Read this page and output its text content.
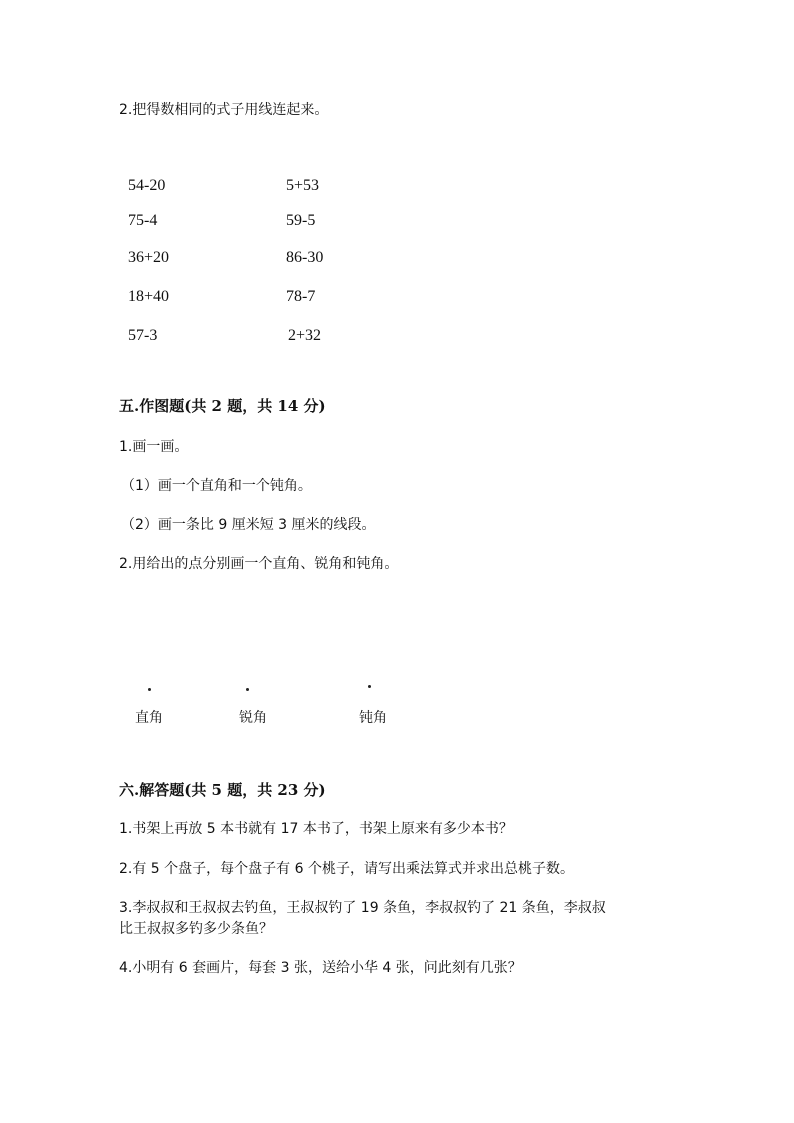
2.把得数相同的式子用线连起来。
54-20
75-4
36+20
18+40
57-3
5+53
59-5
86-30
78-7
2+32
五.作图题(共 2 题，共 14 分)
1.画一画。
（1）画一个直角和一个钝角。
（2）画一条比 9 厘米短 3 厘米的线段。
2.用给出的点分别画一个直角、锐角和钝角。
直角	锐角	钝角
六.解答题(共 5 题，共 23 分)
1.书架上再放 5 本书就有 17 本书了，书架上原来有多少本书？
2.有 5 个盘子，每个盘子有 6 个桃子，请写出乘法算式并求出总桃子数。
3.李叔叔和王叔叔去钓鱼，王叔叔钓了 19 条鱼，李叔叔钓了 21 条鱼，李叔叔
比王叔叔多钓多少条鱼？
4.小明有 6 套画片，每套 3 张，送给小华 4 张，问此刻有几张？
